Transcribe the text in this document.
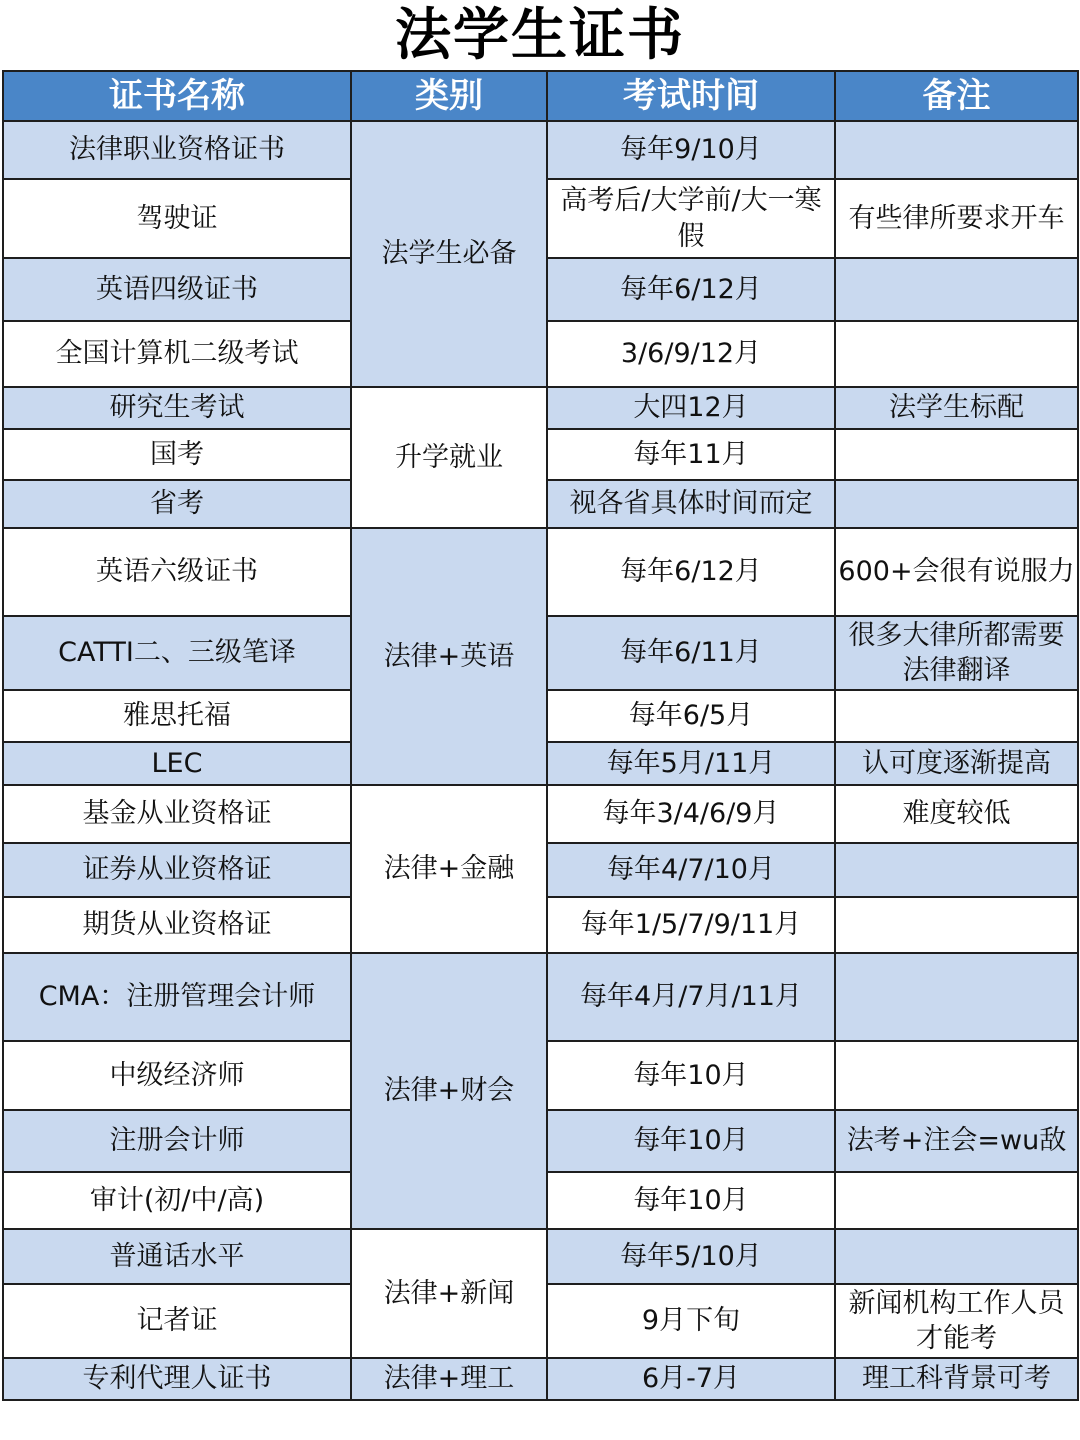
法学生证书
证书名称	类别	考试时间	备注
法律职业资格证书	法学生必备	每年9/10月	
驾驶证		高考后/大学前/大一寒假	有些律所要求开车
英语四级证书		每年6/12月	
全国计算机二级考试		3/6/9/12月	
研究生考试	升学就业	大四12月	法学生标配
国考		每年11月	
省考		视各省具体时间而定	
英语六级证书	法律+英语	每年6/12月	600+会很有说服力
CATTI二、三级笔译		每年6/11月	很多大律所都需要法律翻译
雅思托福		每年6/5月	
LEC		每年5月/11月	认可度逐渐提高
基金从业资格证	法律+金融	每年3/4/6/9月	难度较低
证券从业资格证		每年4/7/10月	
期货从业资格证		每年1/5/7/9/11月	
CMA：注册管理会计师	法律+财会	每年4月/7月/11月	
中级经济师		每年10月	
注册会计师		每年10月	法考+注会=wu敌
审计(初/中/高)		每年10月	
普通话水平	法律+新闻	每年5/10月	
记者证		9月下旬	新闻机构工作人员才能考
专利代理人证书	法律+理工	6月-7月	理工科背景可考
